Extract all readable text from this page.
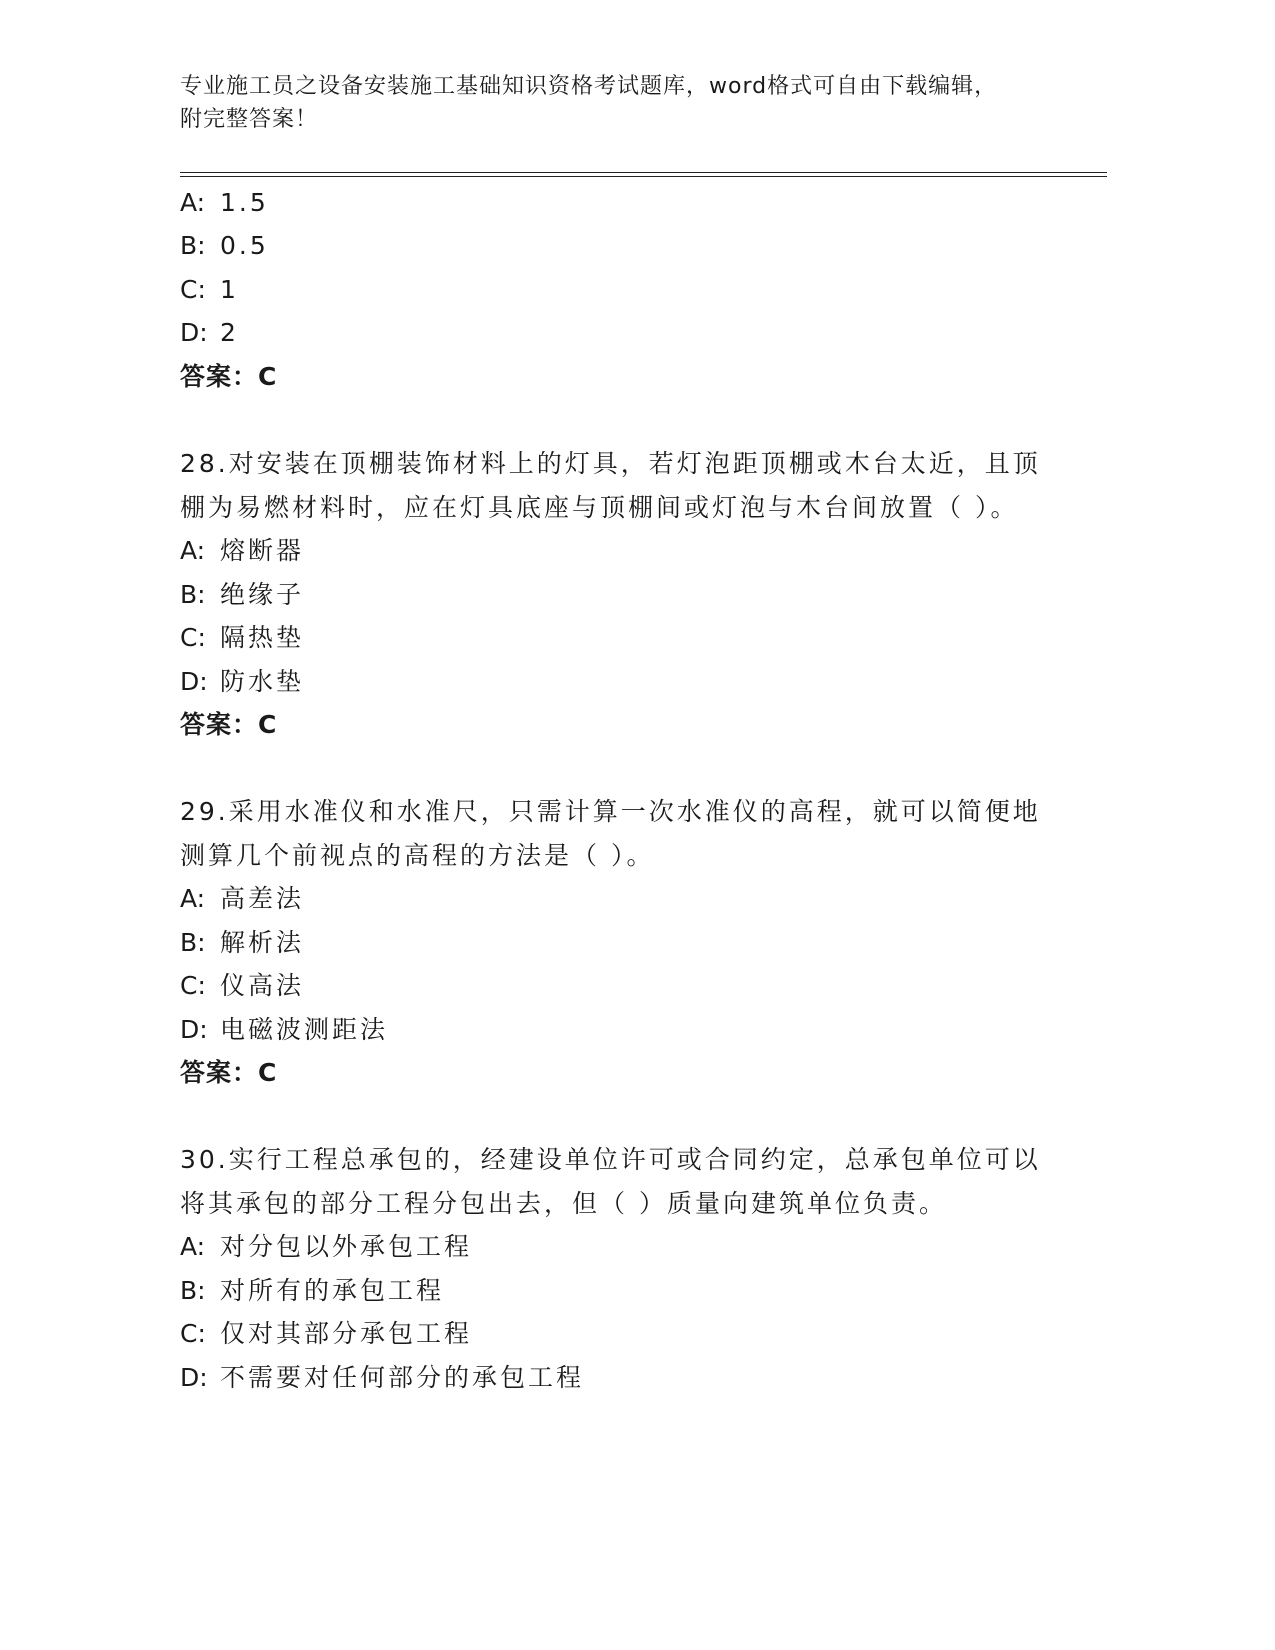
专业施工员之设备安装施工基础知识资格考试题库，word格式可自由下载编辑，
附完整答案！
A: 1.5
B: 0.5
C: 1
D: 2
答案：C
28.对安装在顶棚装饰材料上的灯具，若灯泡距顶棚或木台太近，且顶
棚为易燃材料时，应在灯具底座与顶棚间或灯泡与木台间放置（ ）。
A: 熔断器
B: 绝缘子
C: 隔热垫
D: 防水垫
答案：C
29.采用水准仪和水准尺，只需计算一次水准仪的高程，就可以简便地
测算几个前视点的高程的方法是（ ）。
A: 高差法
B: 解析法
C: 仪高法
D: 电磁波测距法
答案：C
30.实行工程总承包的，经建设单位许可或合同约定，总承包单位可以
将其承包的部分工程分包出去，但（ ）质量向建筑单位负责。
A: 对分包以外承包工程
B: 对所有的承包工程
C: 仅对其部分承包工程
D: 不需要对任何部分的承包工程
